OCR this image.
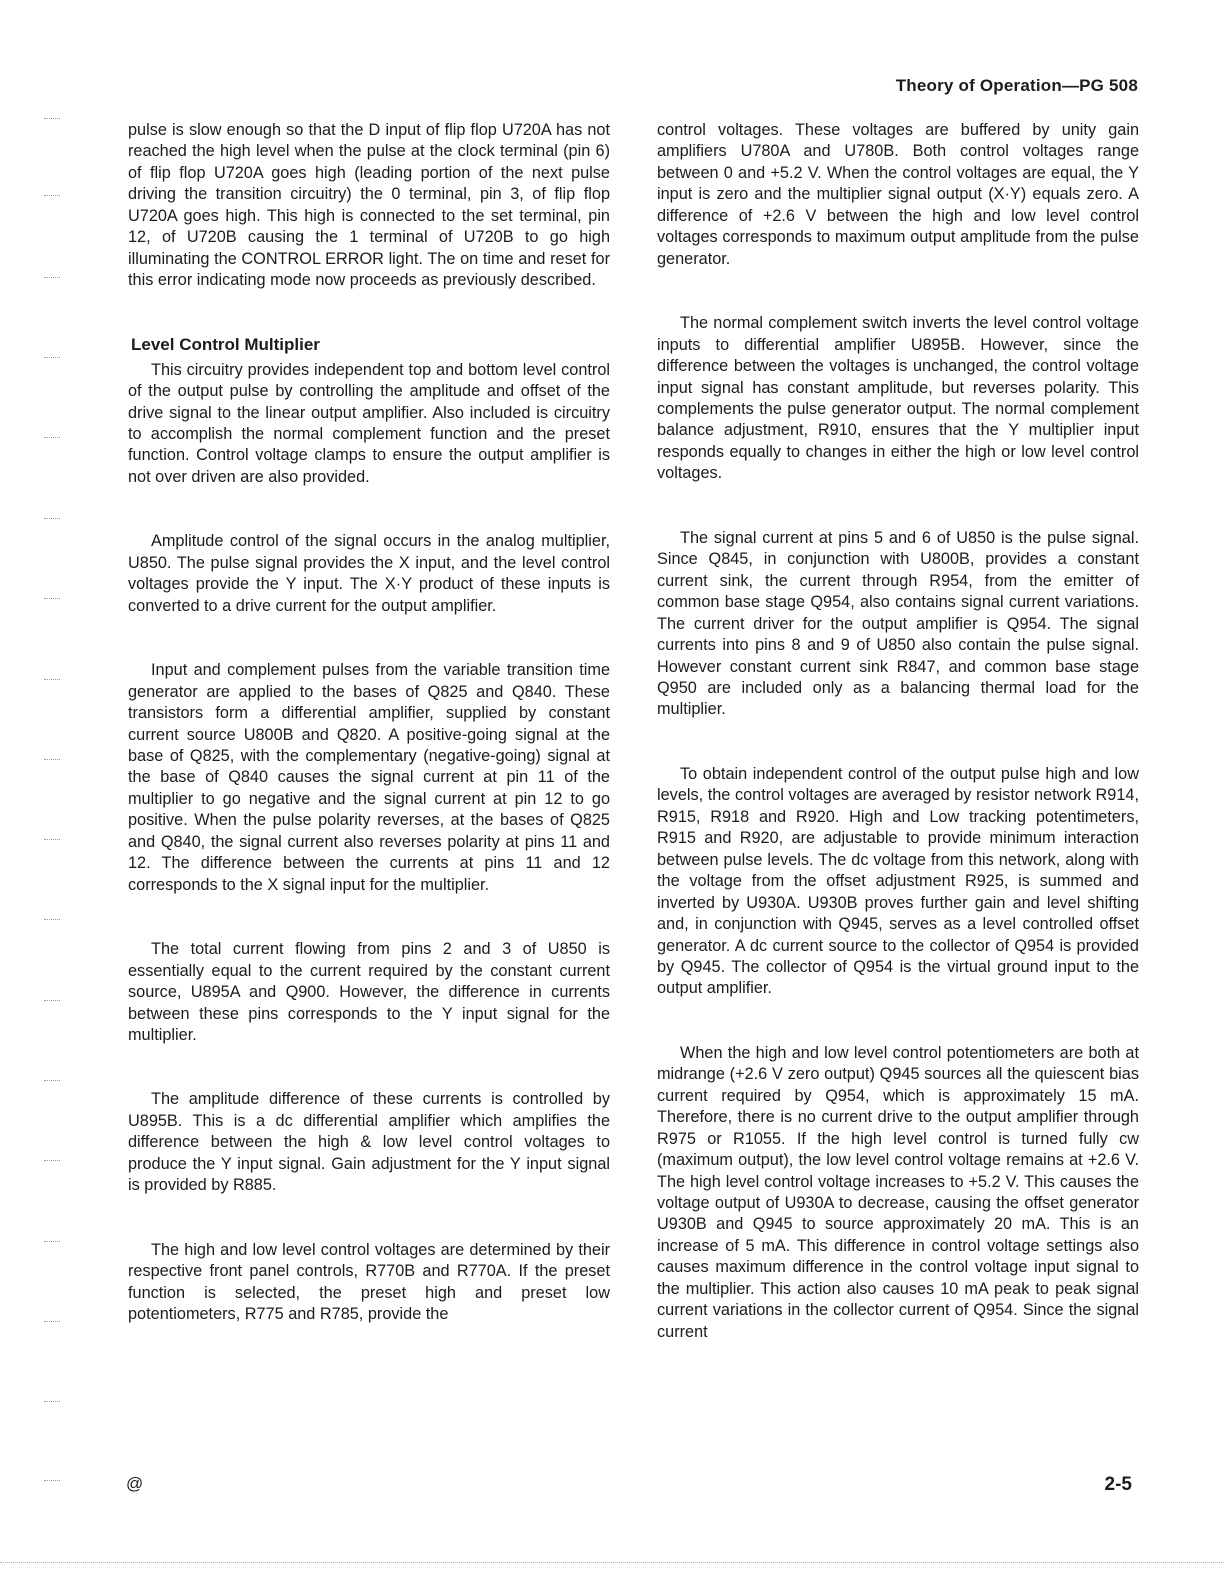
Theory of Operation—PG 508

pulse is slow enough so that the D input of flip flop U720A has not reached the high level when the pulse at the clock terminal (pin 6) of flip flop U720A goes high (leading portion of the next pulse driving the transition circuitry) the 0 terminal, pin 3, of flip flop U720A goes high. This high is connected to the set terminal, pin 12, of U720B causing the 1 terminal of U720B to go high illuminating the CONTROL ERROR light. The on time and reset for this error indicating mode now proceeds as previously described.

Level Control Multiplier

This circuitry provides independent top and bottom level control of the output pulse by controlling the amplitude and offset of the drive signal to the linear output amplifier. Also included is circuitry to accomplish the normal complement function and the preset function. Control voltage clamps to ensure the output amplifier is not over driven are also provided.

Amplitude control of the signal occurs in the analog multiplier, U850. The pulse signal provides the X input, and the level control voltages provide the Y input. The X·Y product of these inputs is converted to a drive current for the output amplifier.

Input and complement pulses from the variable transition time generator are applied to the bases of Q825 and Q840. These transistors form a differential amplifier, supplied by constant current source U800B and Q820. A positive-going signal at the base of Q825, with the complementary (negative-going) signal at the base of Q840 causes the signal current at pin 11 of the multiplier to go negative and the signal current at pin 12 to go positive. When the pulse polarity reverses, at the bases of Q825 and Q840, the signal current also reverses polarity at pins 11 and 12. The difference between the currents at pins 11 and 12 corresponds to the X signal input for the multiplier.

The total current flowing from pins 2 and 3 of U850 is essentially equal to the current required by the constant current source, U895A and Q900. However, the difference in currents between these pins corresponds to the Y input signal for the multiplier.

The amplitude difference of these currents is controlled by U895B. This is a dc differential amplifier which amplifies the difference between the high & low level control voltages to produce the Y input signal. Gain adjustment for the Y input signal is provided by R885.

The high and low level control voltages are determined by their respective front panel controls, R770B and R770A. If the preset function is selected, the preset high and preset low potentiometers, R775 and R785, provide the

control voltages. These voltages are buffered by unity gain amplifiers U780A and U780B. Both control voltages range between 0 and +5.2 V. When the control voltages are equal, the Y input is zero and the multiplier signal output (X·Y) equals zero. A difference of +2.6 V between the high and low level control voltages corresponds to maximum output amplitude from the pulse generator.

The normal complement switch inverts the level control voltage inputs to differential amplifier U895B. However, since the difference between the voltages is unchanged, the control voltage input signal has constant amplitude, but reverses polarity. This complements the pulse generator output. The normal complement balance adjustment, R910, ensures that the Y multiplier input responds equally to changes in either the high or low level control voltages.

The signal current at pins 5 and 6 of U850 is the pulse signal. Since Q845, in conjunction with U800B, provides a constant current sink, the current through R954, from the emitter of common base stage Q954, also contains signal current variations. The current driver for the output amplifier is Q954. The signal currents into pins 8 and 9 of U850 also contain the pulse signal. However constant current sink R847, and common base stage Q950 are included only as a balancing thermal load for the multiplier.

To obtain independent control of the output pulse high and low levels, the control voltages are averaged by resistor network R914, R915, R918 and R920. High and Low tracking potentimeters, R915 and R920, are adjustable to provide minimum interaction between pulse levels. The dc voltage from this network, along with the voltage from the offset adjustment R925, is summed and inverted by U930A. U930B proves further gain and level shifting and, in conjunction with Q945, serves as a level controlled offset generator. A dc current source to the collector of Q954 is provided by Q945. The collector of Q954 is the virtual ground input to the output amplifier.

When the high and low level control potentiometers are both at midrange (+2.6 V zero output) Q945 sources all the quiescent bias current required by Q954, which is approximately 15 mA. Therefore, there is no current drive to the output amplifier through R975 or R1055. If the high level control is turned fully cw (maximum output), the low level control voltage remains at +2.6 V. The high level control voltage increases to +5.2 V. This causes the voltage output of U930A to decrease, causing the offset generator U930B and Q945 to source approximately 20 mA. This is an increase of 5 mA. This difference in control voltage settings also causes maximum difference in the control voltage input signal to the multiplier. This action also causes 10 mA peak to peak signal current variations in the collector current of Q954. Since the signal current

@	2-5
